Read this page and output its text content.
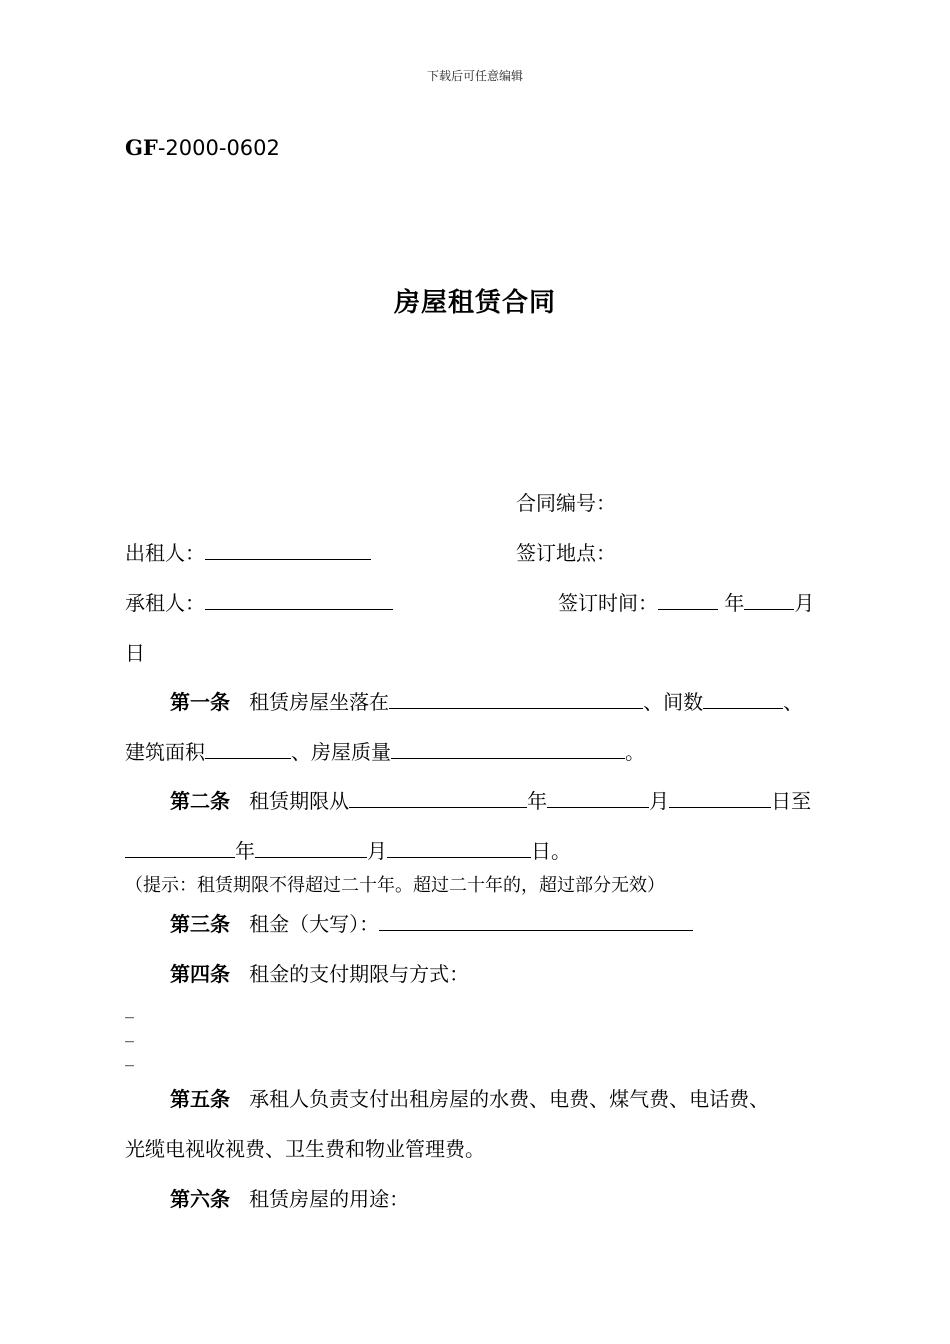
下载后可任意编辑
GF-2000-0602
房屋租赁合同
合同编号：
出租人：	签订地点：
承租人：	签订时间：	年	月
日
第一条 租赁房屋坐落在	、间数	、
建筑面积	、房屋质量	。
第二条 租赁期限从	年	月	日至
年	月	日。
（提示：租赁期限不得超过二十年。超过二十年的，超过部分无效）
第三条 租金（大写）：
第四条 租金的支付期限与方式：
_
_
_
第五条 承租人负责支付出租房屋的水费、电费、煤气费、电话费、
光缆电视收视费、卫生费和物业管理费。
第六条 租赁房屋的用途：
